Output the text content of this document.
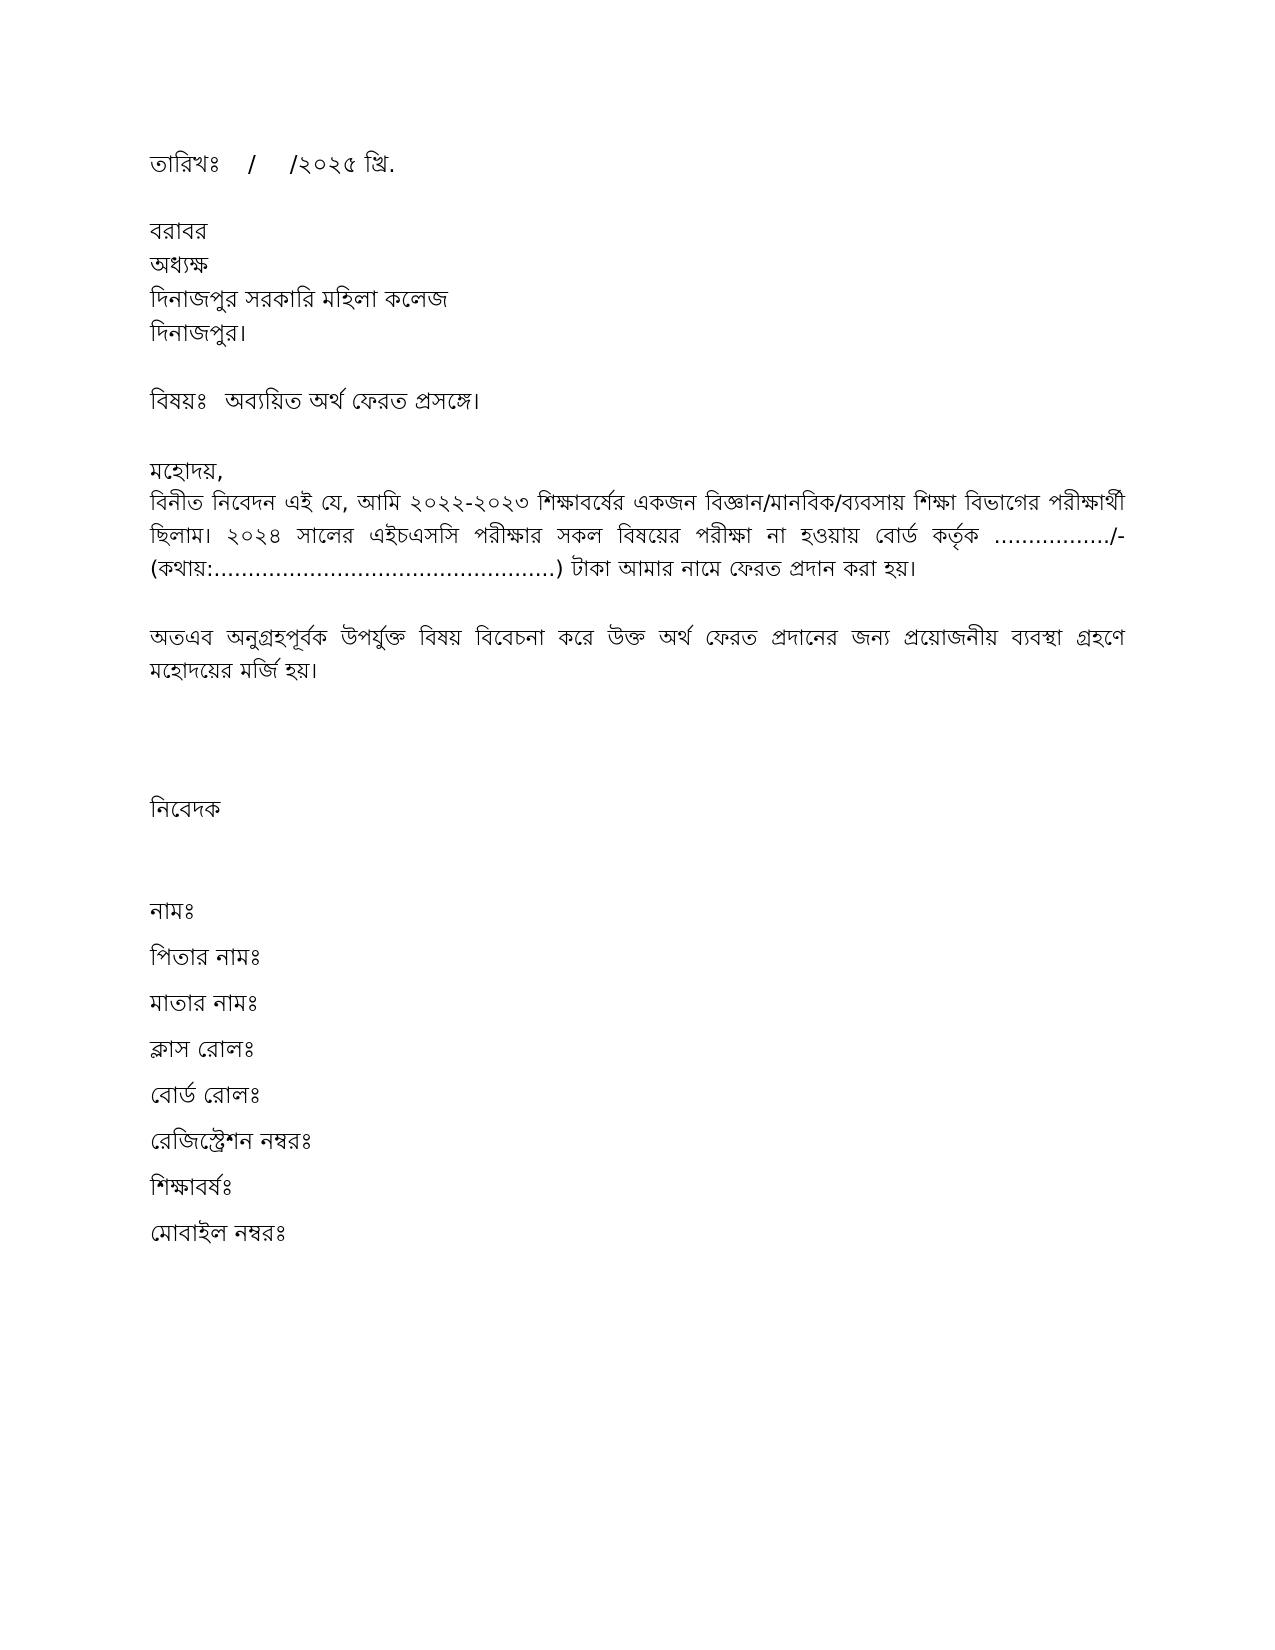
তারিখঃ	/ /২০২৫ খ্রি.
বরাবর
অধ্যক্ষ
দিনাজপুর সরকারি মহিলা কলেজ
দিনাজপুর।
বিষয়ঃ অব্যয়িত অর্থ ফেরত প্রসঙ্গে।
মহোদয়,
বিনীত নিবেদন এই যে, আমি ২০২২-২০২৩ শিক্ষাবর্ষের একজন বিজ্ঞান/মানবিক/ব্যবসায় শিক্ষা বিভাগের পরীক্ষার্থী ছিলাম। ২০২৪ সালের এইচএসসি পরীক্ষার সকল বিষয়ের পরীক্ষা না হওয়ায় বোর্ড কর্তৃক ................./- (কথায়:..................................................) টাকা আমার নামে ফেরত প্রদান করা হয়।
অতএব অনুগ্রহপূর্বক উপর্যুক্ত বিষয় বিবেচনা করে উক্ত অর্থ ফেরত প্রদানের জন্য প্রয়োজনীয় ব্যবস্থা গ্রহণে মহোদয়ের মর্জি হয়।
নিবেদক
নামঃ
পিতার নামঃ
মাতার নামঃ
ক্লাস রোলঃ
বোর্ড রোলঃ
রেজিস্ট্রেশন নম্বরঃ
শিক্ষাবর্ষঃ
মোবাইল নম্বরঃ
